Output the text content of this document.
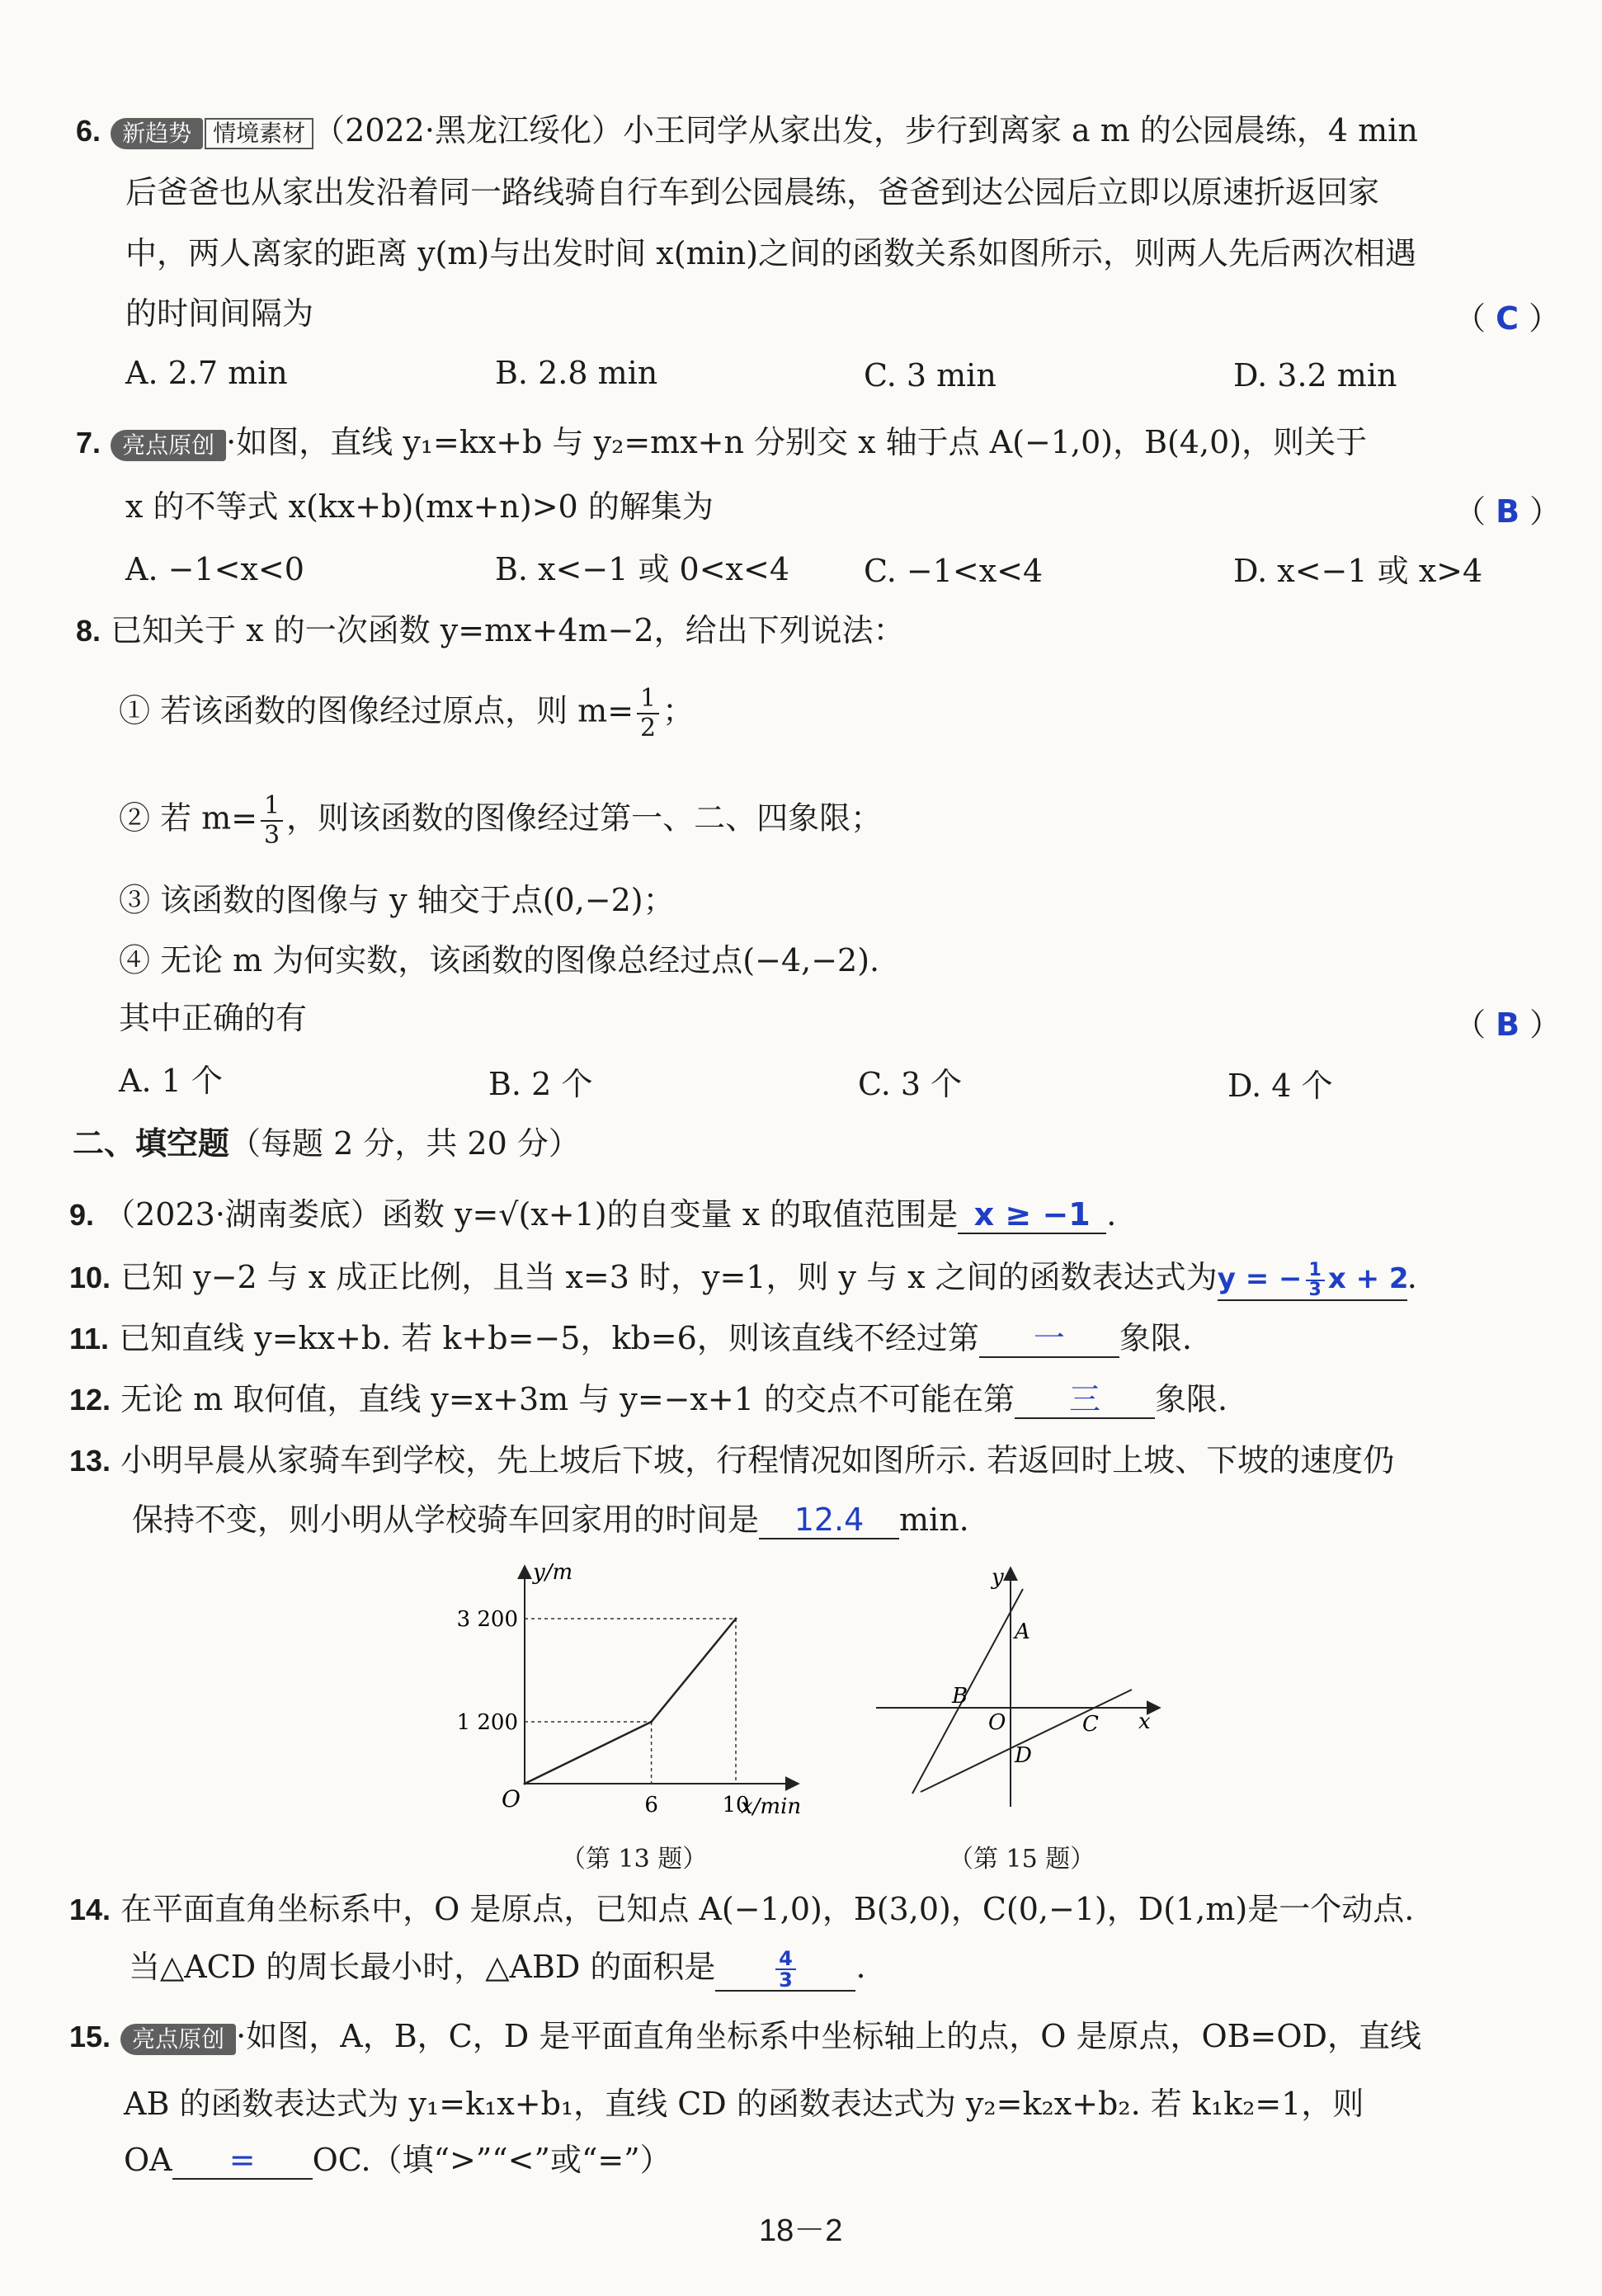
6. 新趋势 情境素材 （2022·黑龙江绥化）小王同学从家出发，步行到离家 a m 的公园晨练，4 min
后爸爸也从家出发沿着同一路线骑自行车到公园晨练，爸爸到达公园后立即以原速折返回家
中，两人离家的距离 y(m)与出发时间 x(min)之间的函数关系如图所示，则两人先后两次相遇
的时间间隔为	（ C ）
A. 2.7 min	B. 2.8 min	C. 3 min	D. 3.2 min
7. 亮点原创 ·如图，直线 y₁=kx+b 与 y₂=mx+n 分别交 x 轴于点 A(−1,0)，B(4,0)，则关于
x 的不等式 x(kx+b)(mx+n)>0 的解集为	（ B ）
A. −1<x<0	B. x<−1 或 0<x<4 C. −1<x<4	D. x<−1 或 x>4
8. 已知关于 x 的一次函数 y=mx+4m−2，给出下列说法：
① 若该函数的图像经过原点，则 $m= \frac{1}{2}$ ；
② 若 $m= \frac{1}{3}$ ，则该函数的图像经过第一、二、四象限；
③ 该函数的图像与 y 轴交于点(0,−2)；
④ 无论 m 为何实数，该函数的图像总经过点(−4,−2).
其中正确的有	（ B ）
A. 1 个	B. 2 个	C. 3 个	D. 4 个
二、填空题（每题 2 分，共 20 分）
9. （2023·湖南娄底）函数 y=√(x+1)的自变量 x 的取值范围是 x ≥ −1 .
10. 已知 y−2 与 x 成正比例，且当 x=3 时，y=1，则 y 与 x 之间的函数表达式为y = − $\frac{1}{3}$ x + 2.
11. 已知直线 y=kx+b. 若 k+b=−5，kb=6，则该直线不经过第 一 象限.
12. 无论 m 取何值，直线 y=x+3m 与 y=−x+1 的交点不可能在第 三 象限.
13. 小明早晨从家骑车到学校，先上坡后下坡，行程情况如图所示. 若返回时上坡、下坡的速度仍
保持不变，则小明从学校骑车回家用的时间是 12.4 min.
y/m
x/min
O
3 200
1 200
6	10
（第 13 题）
y
x
A
B
O	C
D
（第 15 题）
14. 在平面直角坐标系中，O 是原点，已知点 A(−1,0)，B(3,0)，C(0,−1)，D(1,m)是一个动点.
当△ACD 的周长最小时，△ABD 的面积是	$\frac{4}{3}$ .
15. 亮点原创 ·如图，A，B，C，D 是平面直角坐标系中坐标轴上的点，O 是原点，OB=OD，直线
AB 的函数表达式为 y₁=k₁x+b₁，直线 CD 的函数表达式为 y₂=k₂x+b₂. 若 k₁k₂=1，则
OA = OC.（填“>”“<”或“=”）
18－2
